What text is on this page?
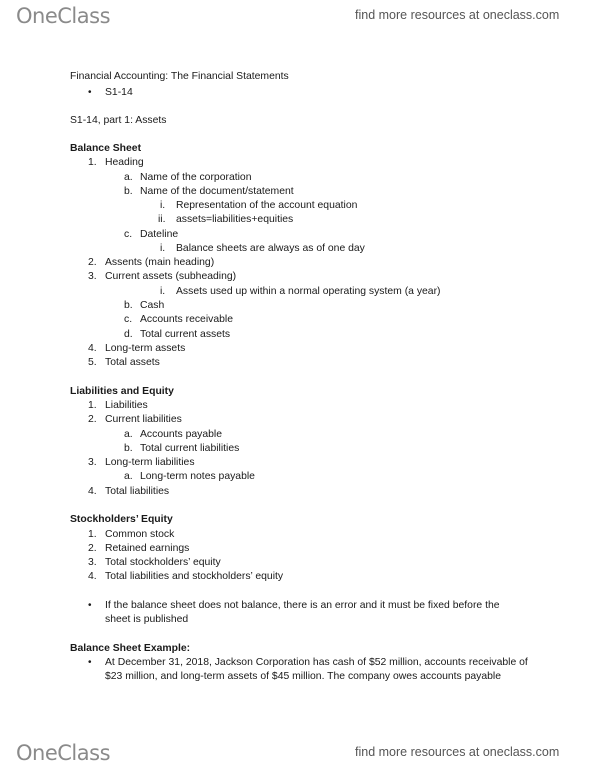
OneClass	find more resources at oneclass.com
Financial Accounting: The Financial Statements
• S1-14
S1-14, part 1: Assets
Balance Sheet
1. Heading
a. Name of the corporation
b. Name of the document/statement
i. Representation of the account equation
ii. assets=liabilities+equities
c. Dateline
i. Balance sheets are always as of one day
2. Assents (main heading)
3. Current assets (subheading)
i. Assets used up within a normal operating system (a year)
b. Cash
c. Accounts receivable
d. Total current assets
4. Long-term assets
5. Total assets
Liabilities and Equity
1. Liabilities
2. Current liabilities
a. Accounts payable
b. Total current liabilities
3. Long-term liabilities
a. Long-term notes payable
4. Total liabilities
Stockholders’ Equity
1. Common stock
2. Retained earnings
3. Total stockholders’ equity
4. Total liabilities and stockholders’ equity
• If the balance sheet does not balance, there is an error and it must be fixed before the sheet is published
Balance Sheet Example:
• At December 31, 2018, Jackson Corporation has cash of $52 million, accounts receivable of $23 million, and long-term assets of $45 million. The company owes accounts payable
OneClass	find more resources at oneclass.com
